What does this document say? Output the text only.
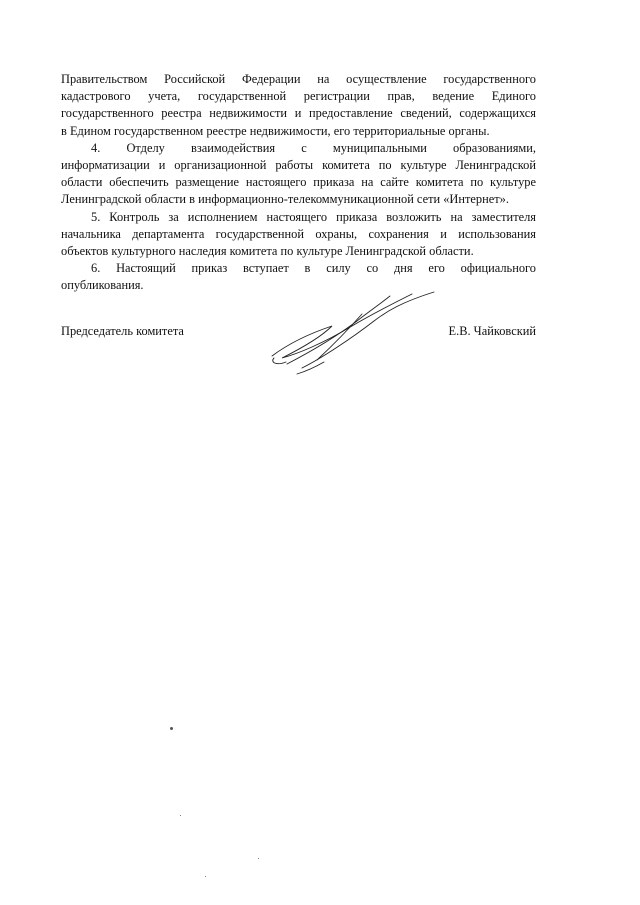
Правительством Российской Федерации на осуществление государственного
кадастрового учета, государственной регистрации прав, ведение Единого
государственного реестра недвижимости и предоставление сведений, содержащихся
в Едином государственном реестре недвижимости, его территориальные органы.
4. Отделу взаимодействия с муниципальными образованиями,
информатизации и организационной работы комитета по культуре Ленинградской
области обеспечить размещение настоящего приказа на сайте комитета по культуре
Ленинградской области в информационно-телекоммуникационной сети «Интернет».
5. Контроль за исполнением настоящего приказа возложить на заместителя
начальника департамента государственной охраны, сохранения и использования
объектов культурного наследия комитета по культуре Ленинградской области.
6. Настоящий приказ вступает в силу со дня его официального
опубликования.
Председатель комитета	Е.В. Чайковский
